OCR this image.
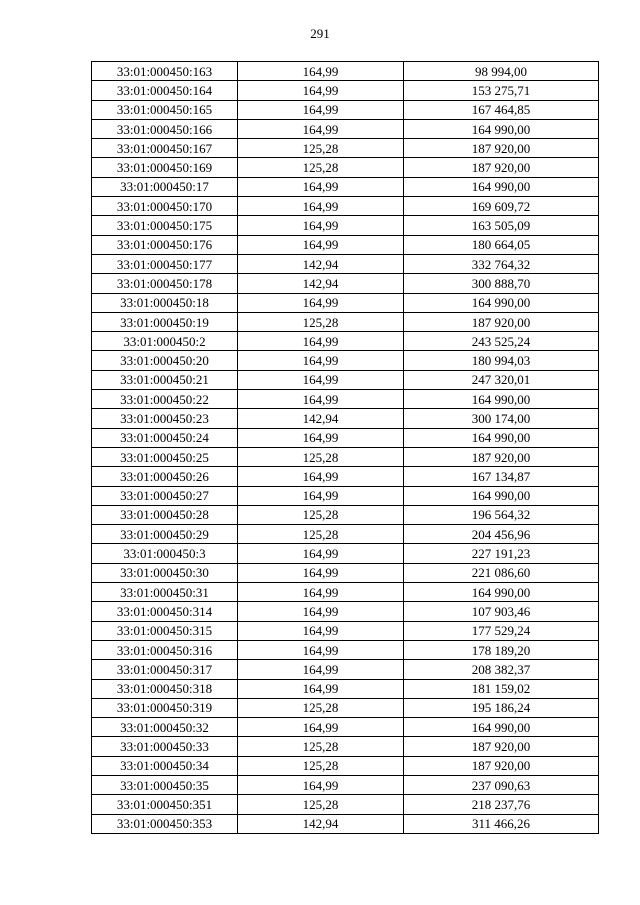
291
33:01:000450:163	164,99	98 994,00
33:01:000450:164	164,99	153 275,71
33:01:000450:165	164,99	167 464,85
33:01:000450:166	164,99	164 990,00
33:01:000450:167	125,28	187 920,00
33:01:000450:169	125,28	187 920,00
33:01:000450:17	164,99	164 990,00
33:01:000450:170	164,99	169 609,72
33:01:000450:175	164,99	163 505,09
33:01:000450:176	164,99	180 664,05
33:01:000450:177	142,94	332 764,32
33:01:000450:178	142,94	300 888,70
33:01:000450:18	164,99	164 990,00
33:01:000450:19	125,28	187 920,00
33:01:000450:2	164,99	243 525,24
33:01:000450:20	164,99	180 994,03
33:01:000450:21	164,99	247 320,01
33:01:000450:22	164,99	164 990,00
33:01:000450:23	142,94	300 174,00
33:01:000450:24	164,99	164 990,00
33:01:000450:25	125,28	187 920,00
33:01:000450:26	164,99	167 134,87
33:01:000450:27	164,99	164 990,00
33:01:000450:28	125,28	196 564,32
33:01:000450:29	125,28	204 456,96
33:01:000450:3	164,99	227 191,23
33:01:000450:30	164,99	221 086,60
33:01:000450:31	164,99	164 990,00
33:01:000450:314	164,99	107 903,46
33:01:000450:315	164,99	177 529,24
33:01:000450:316	164,99	178 189,20
33:01:000450:317	164,99	208 382,37
33:01:000450:318	164,99	181 159,02
33:01:000450:319	125,28	195 186,24
33:01:000450:32	164,99	164 990,00
33:01:000450:33	125,28	187 920,00
33:01:000450:34	125,28	187 920,00
33:01:000450:35	164,99	237 090,63
33:01:000450:351	125,28	218 237,76
33:01:000450:353	142,94	311 466,26
